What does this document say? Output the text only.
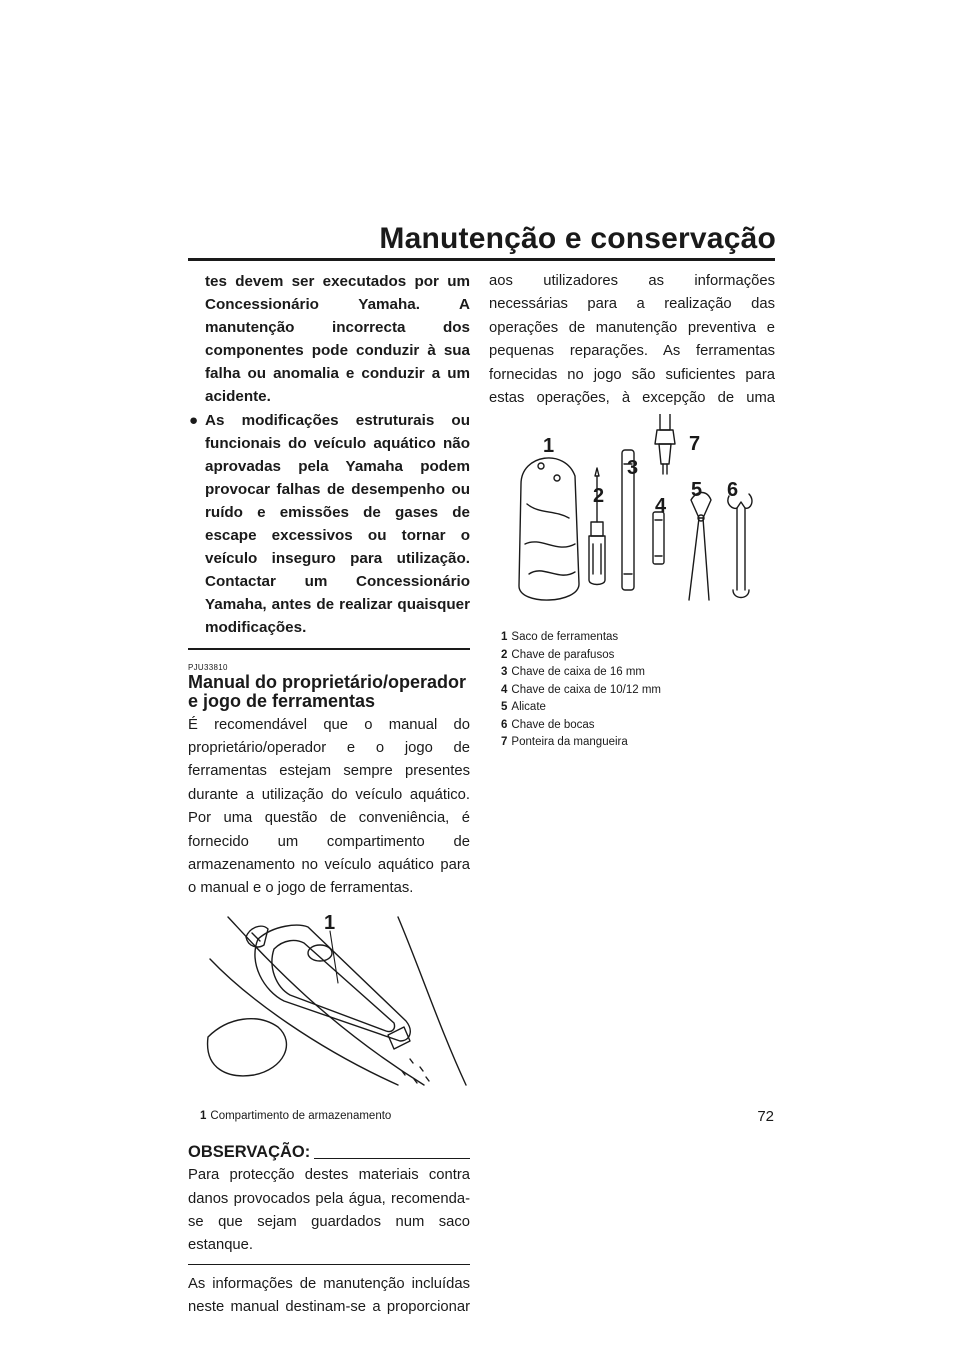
Manutenção e conservação

tes devem ser executados por um Concessionário Yamaha. A manutenção incorrecta dos componentes pode conduzir à sua falha ou anomalia e conduzir a um acidente.

● As modificações estruturais ou funcionais do veículo aquático não aprovadas pela Yamaha podem provocar falhas de desempenho ou ruído e emissões de gases de escape excessivos ou tornar o veículo inseguro para utilização. Contactar um Concessionário Yamaha, antes de realizar quaisquer modificações.

PJU33810
Manual do proprietário/operador e jogo de ferramentas

É recomendável que o manual do proprietário/operador e o jogo de ferramentas estejam sempre presentes durante a utilização do veículo aquático. Por uma questão de conveniência, é fornecido um compartimento de armazenamento no veículo aquático para o manual e o jogo de ferramentas.

1
1 Compartimento de armazenamento
OBSERVAÇÃO:

Para protecção destes materiais contra danos provocados pela água, recomenda-se que sejam guardados num saco estanque.

As informações de manutenção incluídas neste manual destinam-se a proporcionar

aos utilizadores as informações necessárias para a realização das operações de manutenção preventiva e pequenas reparações. As ferramentas fornecidas no jogo são suficientes para estas operações, à excepção de uma

1
2
3
4
5 6
7
1 Saco de ferramentas
2 Chave de parafusos
3 Chave de caixa de 16 mm
4 Chave de caixa de 10/12 mm
5 Alicate
6 Chave de bocas
7 Ponteira da mangueira
72
